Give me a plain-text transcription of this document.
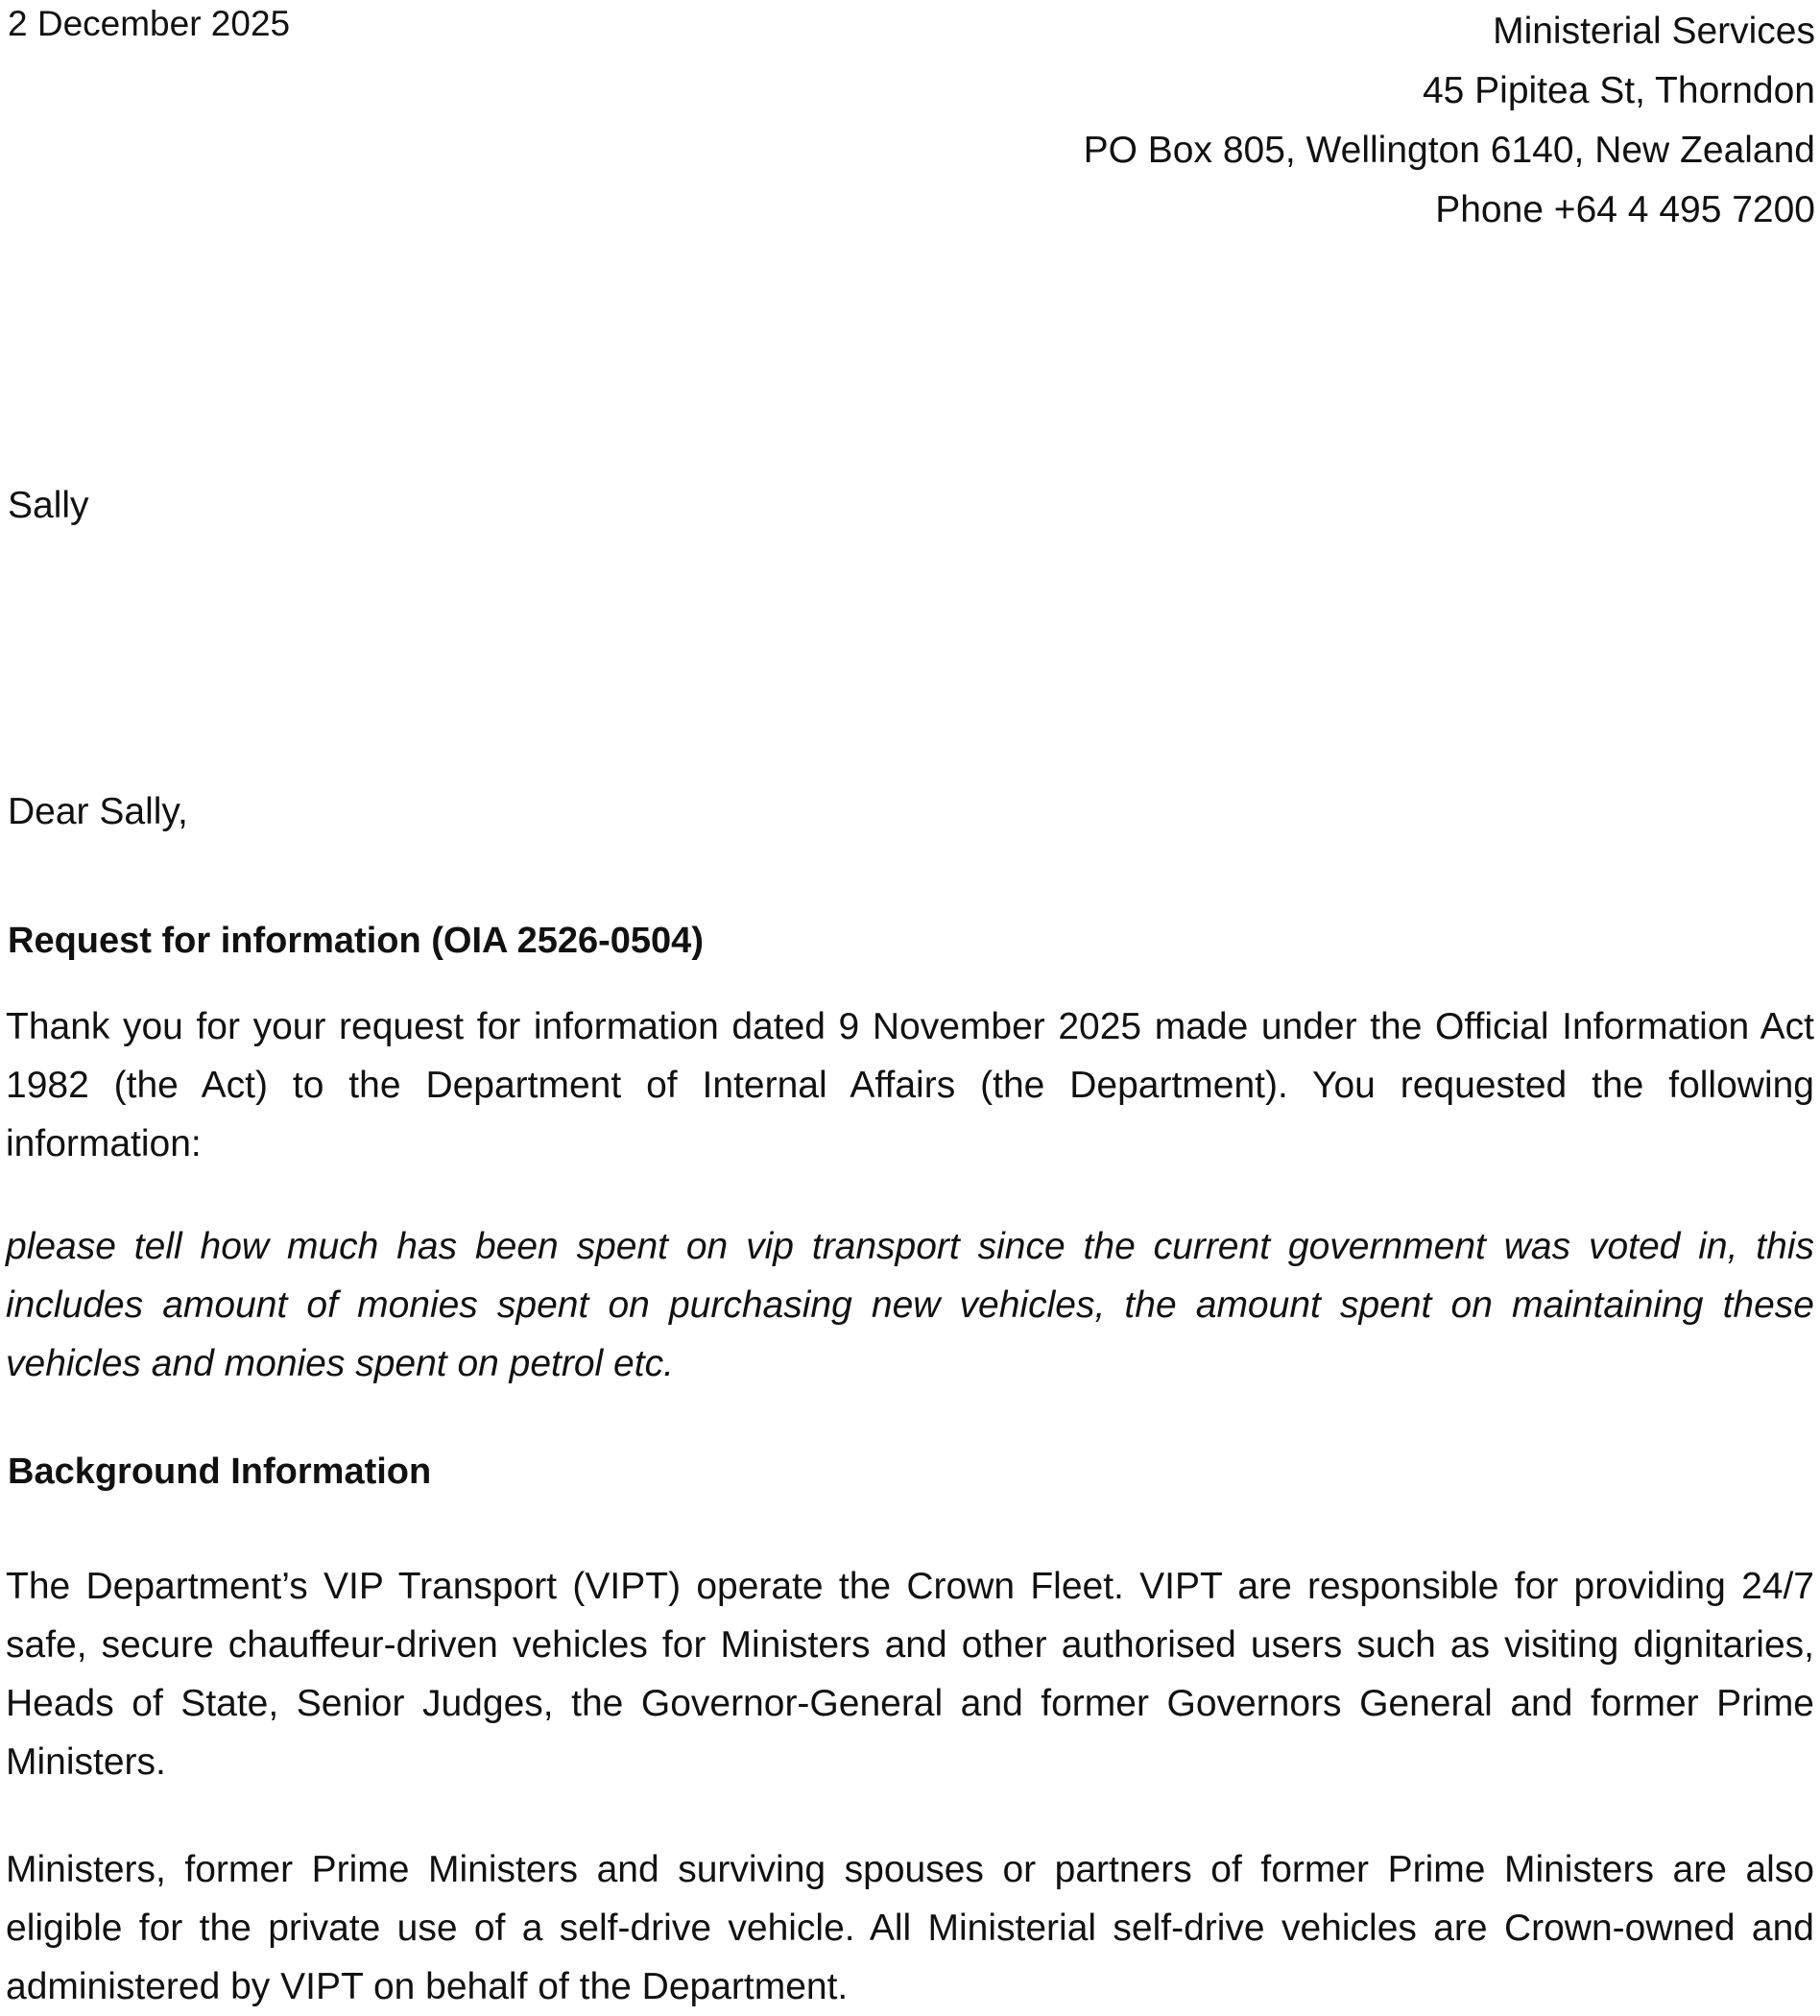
2 December 2025	Ministerial Services
45 Pipitea St, Thorndon
PO Box 805, Wellington 6140, New Zealand
Phone +64 4 495 7200
Sally
Dear Sally,
Request for information (OIA 2526-0504)

Thank you for your request for information dated 9 November 2025 made under the Official Information Act 1982 (the Act) to the Department of Internal Affairs (the Department). You requested the following information:

please tell how much has been spent on vip transport since the current government was voted in, this includes amount of monies spent on purchasing new vehicles, the amount spent on maintaining these vehicles and monies spent on petrol etc.

Background Information

The Department’s VIP Transport (VIPT) operate the Crown Fleet. VIPT are responsible for providing 24/7 safe, secure chauffeur-driven vehicles for Ministers and other authorised users such as visiting dignitaries, Heads of State, Senior Judges, the Governor-General and former Governors General and former Prime Ministers.

Ministers, former Prime Ministers and surviving spouses or partners of former Prime Ministers are also eligible for the private use of a self-drive vehicle. All Ministerial self-drive vehicles are Crown-owned and administered by VIPT on behalf of the Department.
